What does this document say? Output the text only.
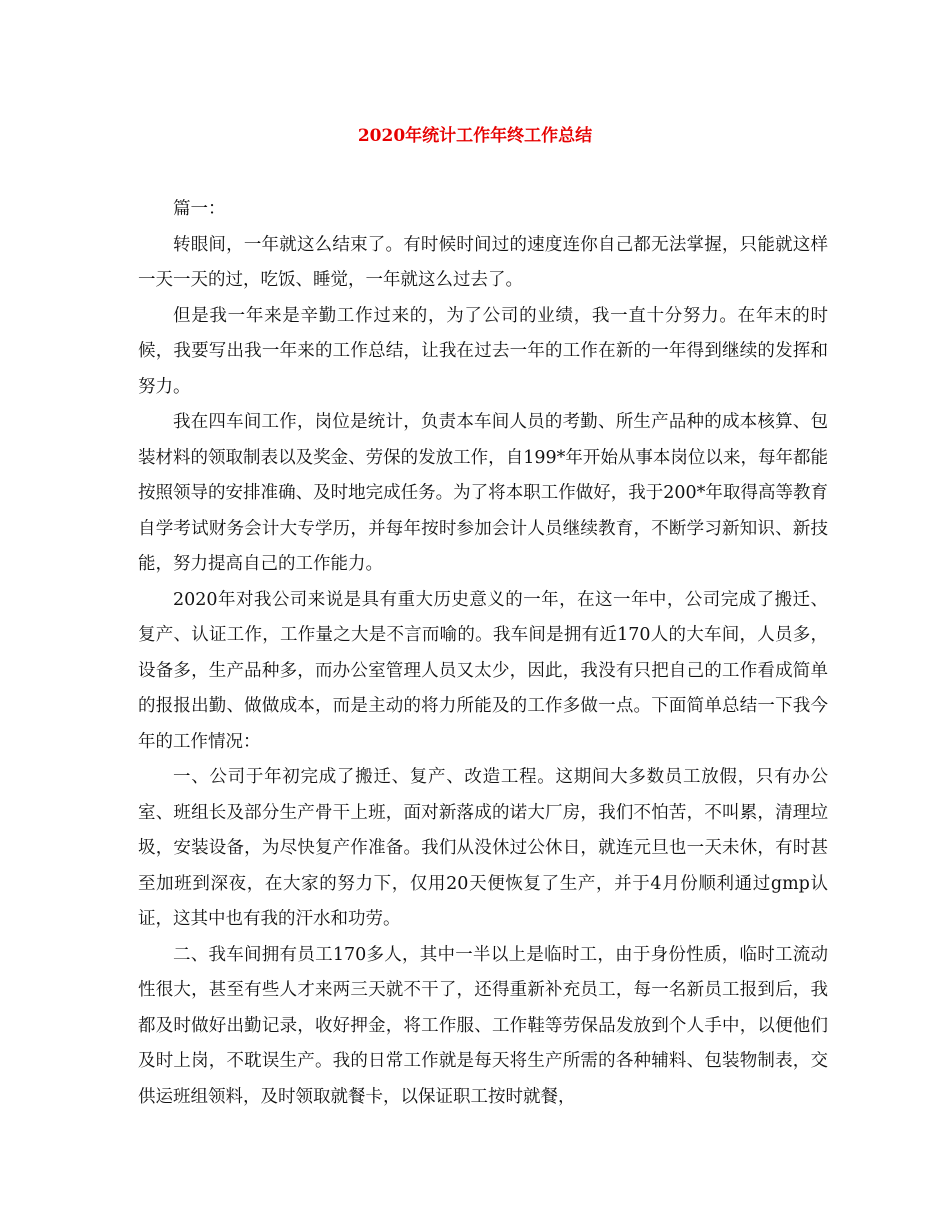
2020年统计工作年终工作总结

篇一：

转眼间，一年就这么结束了。有时候时间过的速度连你自己都无法掌握，只能就这样一天一天的过，吃饭、睡觉，一年就这么过去了。

但是我一年来是辛勤工作过来的，为了公司的业绩，我一直十分努力。在年末的时候，我要写出我一年来的工作总结，让我在过去一年的工作在新的一年得到继续的发挥和努力。

我在四车间工作，岗位是统计，负责本车间人员的考勤、所生产品种的成本核算、包装材料的领取制表以及奖金、劳保的发放工作，自199*年开始从事本岗位以来，每年都能按照领导的安排准确、及时地完成任务。为了将本职工作做好，我于200*年取得高等教育自学考试财务会计大专学历，并每年按时参加会计人员继续教育，不断学习新知识、新技能，努力提高自己的工作能力。

2020年对我公司来说是具有重大历史意义的一年，在这一年中，公司完成了搬迁、复产、认证工作，工作量之大是不言而喻的。我车间是拥有近170人的大车间，人员多，设备多，生产品种多，而办公室管理人员又太少，因此，我没有只把自己的工作看成简单的报报出勤、做做成本，而是主动的将力所能及的工作多做一点。下面简单总结一下我今年的工作情况：

一、公司于年初完成了搬迁、复产、改造工程。这期间大多数员工放假，只有办公室、班组长及部分生产骨干上班，面对新落成的诺大厂房，我们不怕苦，不叫累，清理垃圾，安装设备，为尽快复产作准备。我们从没休过公休日，就连元旦也一天未休，有时甚至加班到深夜，在大家的努力下，仅用20天便恢复了生产，并于4月份顺利通过gmp认证，这其中也有我的汗水和功劳。

二、我车间拥有员工170多人，其中一半以上是临时工，由于身份性质，临时工流动性很大，甚至有些人才来两三天就不干了，还得重新补充员工，每一名新员工报到后，我都及时做好出勤记录，收好押金，将工作服、工作鞋等劳保品发放到个人手中，以便他们及时上岗，不耽误生产。我的日常工作就是每天将生产所需的各种辅料、包装物制表，交供运班组领料，及时领取就餐卡，以保证职工按时就餐，
